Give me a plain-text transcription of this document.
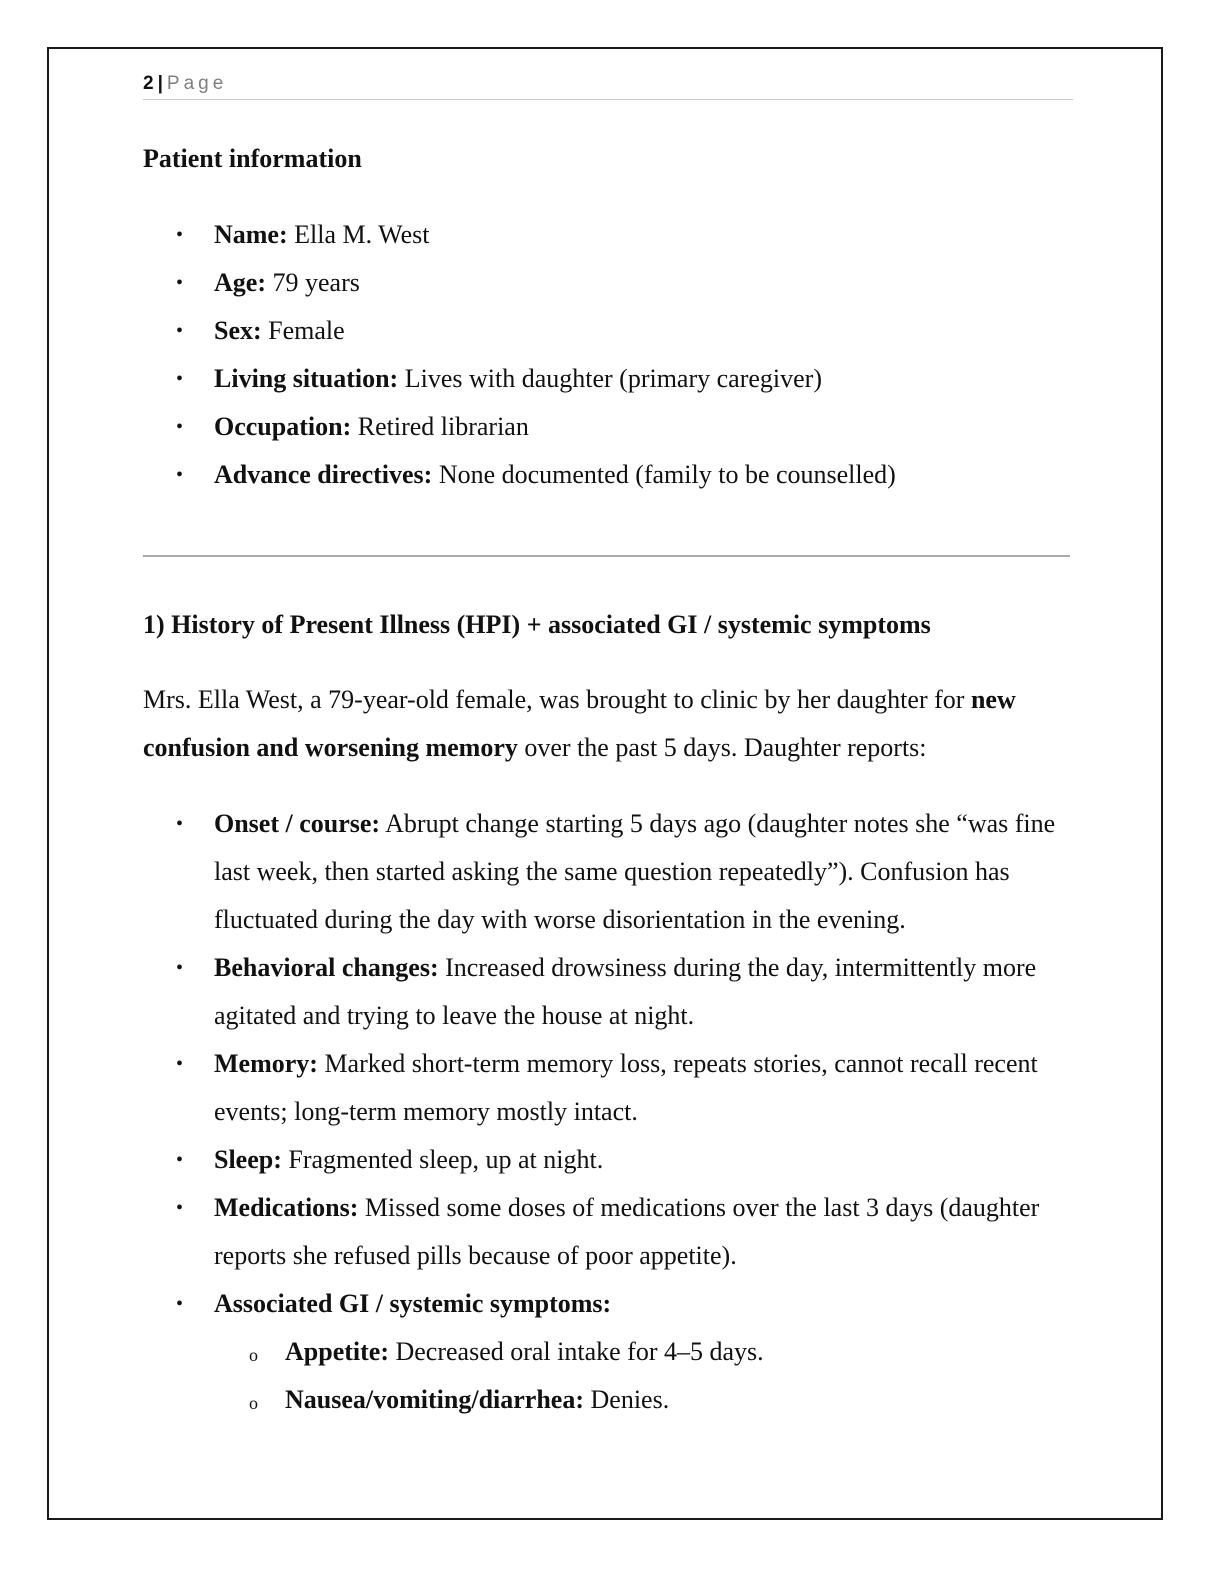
2 | Page
Patient information
• Name: Ella M. West
• Age: 79 years
• Sex: Female
• Living situation: Lives with daughter (primary caregiver)
• Occupation: Retired librarian
• Advance directives: None documented (family to be counselled)
1) History of Present Illness (HPI) + associated GI / systemic symptoms

Mrs. Ella West, a 79-year-old female, was brought to clinic by her daughter for new confusion and worsening memory over the past 5 days. Daughter reports:

• Onset / course: Abrupt change starting 5 days ago (daughter notes she “was fine last week, then started asking the same question repeatedly”). Confusion has fluctuated during the day with worse disorientation in the evening.
• Behavioral changes: Increased drowsiness during the day, intermittently more agitated and trying to leave the house at night.
• Memory: Marked short-term memory loss, repeats stories, cannot recall recent events; long-term memory mostly intact.
• Sleep: Fragmented sleep, up at night.
• Medications: Missed some doses of medications over the last 3 days (daughter reports she refused pills because of poor appetite).
• Associated GI / systemic symptoms:
o Appetite: Decreased oral intake for 4–5 days.
o Nausea/vomiting/diarrhea: Denies.
